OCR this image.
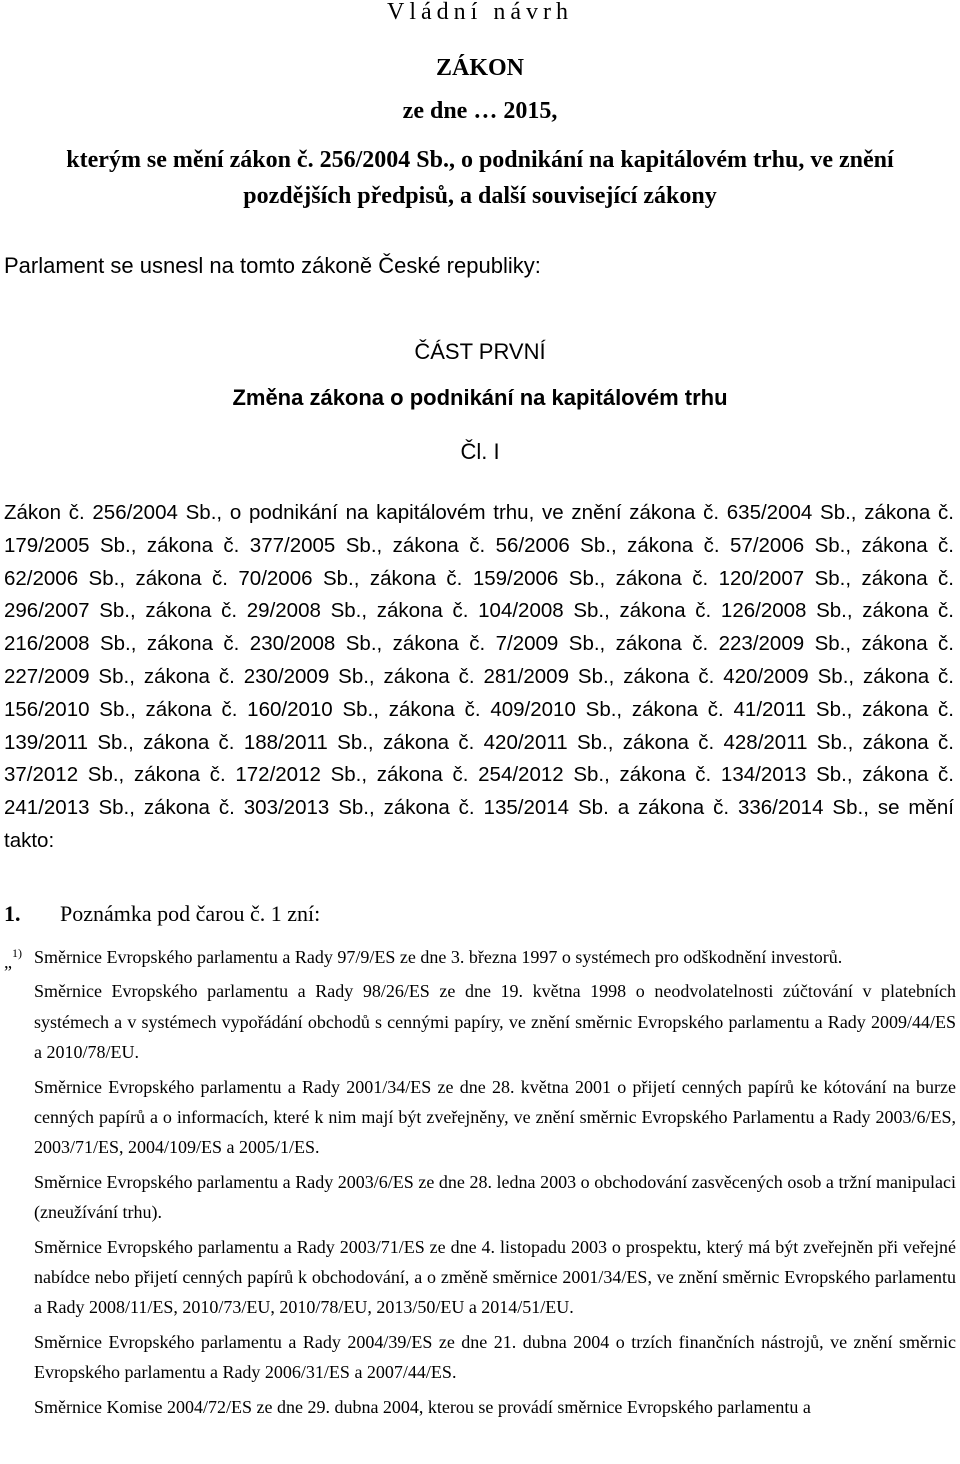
Vládní návrh
ZÁKON
ze dne … 2015,
kterým se mění zákon č. 256/2004 Sb., o podnikání na kapitálovém trhu, ve znění pozdějších předpisů, a další související zákony
Parlament se usnesl na tomto zákoně České republiky:
ČÁST PRVNÍ
Změna zákona o podnikání na kapitálovém trhu
Čl. I
Zákon č. 256/2004 Sb., o podnikání na kapitálovém trhu, ve znění zákona č. 635/2004 Sb., zákona č. 179/2005 Sb., zákona č. 377/2005 Sb., zákona č. 56/2006 Sb., zákona č. 57/2006 Sb., zákona č. 62/2006 Sb., zákona č. 70/2006 Sb., zákona č. 159/2006 Sb., zákona č. 120/2007 Sb., zákona č. 296/2007 Sb., zákona č. 29/2008 Sb., zákona č. 104/2008 Sb., zákona č. 126/2008 Sb., zákona č. 216/2008 Sb., zákona č. 230/2008 Sb., zákona č. 7/2009 Sb., zákona č. 223/2009 Sb., zákona č. 227/2009 Sb., zákona č. 230/2009 Sb., zákona č. 281/2009 Sb., zákona č. 420/2009 Sb., zákona č. 156/2010 Sb., zákona č. 160/2010 Sb., zákona č. 409/2010 Sb., zákona č. 41/2011 Sb., zákona č. 139/2011 Sb., zákona č. 188/2011 Sb., zákona č. 420/2011 Sb., zákona č. 428/2011 Sb., zákona č. 37/2012 Sb., zákona č. 172/2012 Sb., zákona č. 254/2012 Sb., zákona č. 134/2013 Sb., zákona č. 241/2013 Sb., zákona č. 303/2013 Sb., zákona č. 135/2014 Sb. a zákona č. 336/2014 Sb., se mění takto:
1. Poznámka pod čarou č. 1 zní:
„$^{1)}$ Směrnice Evropského parlamentu a Rady 97/9/ES ze dne 3. března 1997 o systémech pro odškodnění investorů.

Směrnice Evropského parlamentu a Rady 98/26/ES ze dne 19. května 1998 o neodvolatelnosti zúčtování v platebních systémech a v systémech vypořádání obchodů s cennými papíry, ve znění směrnic Evropského parlamentu a Rady 2009/44/ES a 2010/78/EU.

Směrnice Evropského parlamentu a Rady 2001/34/ES ze dne 28. května 2001 o přijetí cenných papírů ke kótování na burze cenných papírů a o informacích, které k nim mají být zveřejněny, ve znění směrnic Evropského Parlamentu a Rady 2003/6/ES, 2003/71/ES, 2004/109/ES a 2005/1/ES.

Směrnice Evropského parlamentu a Rady 2003/6/ES ze dne 28. ledna 2003 o obchodování zasvěcených osob a tržní manipulaci (zneužívání trhu).

Směrnice Evropského parlamentu a Rady 2003/71/ES ze dne 4. listopadu 2003 o prospektu, který má být zveřejněn při veřejné nabídce nebo přijetí cenných papírů k obchodování, a o změně směrnice 2001/34/ES, ve znění směrnic Evropského parlamentu a Rady 2008/11/ES, 2010/73/EU, 2010/78/EU, 2013/50/EU a 2014/51/EU.

Směrnice Evropského parlamentu a Rady 2004/39/ES ze dne 21. dubna 2004 o trzích finančních nástrojů, ve znění směrnic Evropského parlamentu a Rady 2006/31/ES a 2007/44/ES.

Směrnice Komise 2004/72/ES ze dne 29. dubna 2004, kterou se provádí směrnice Evropského parlamentu a
